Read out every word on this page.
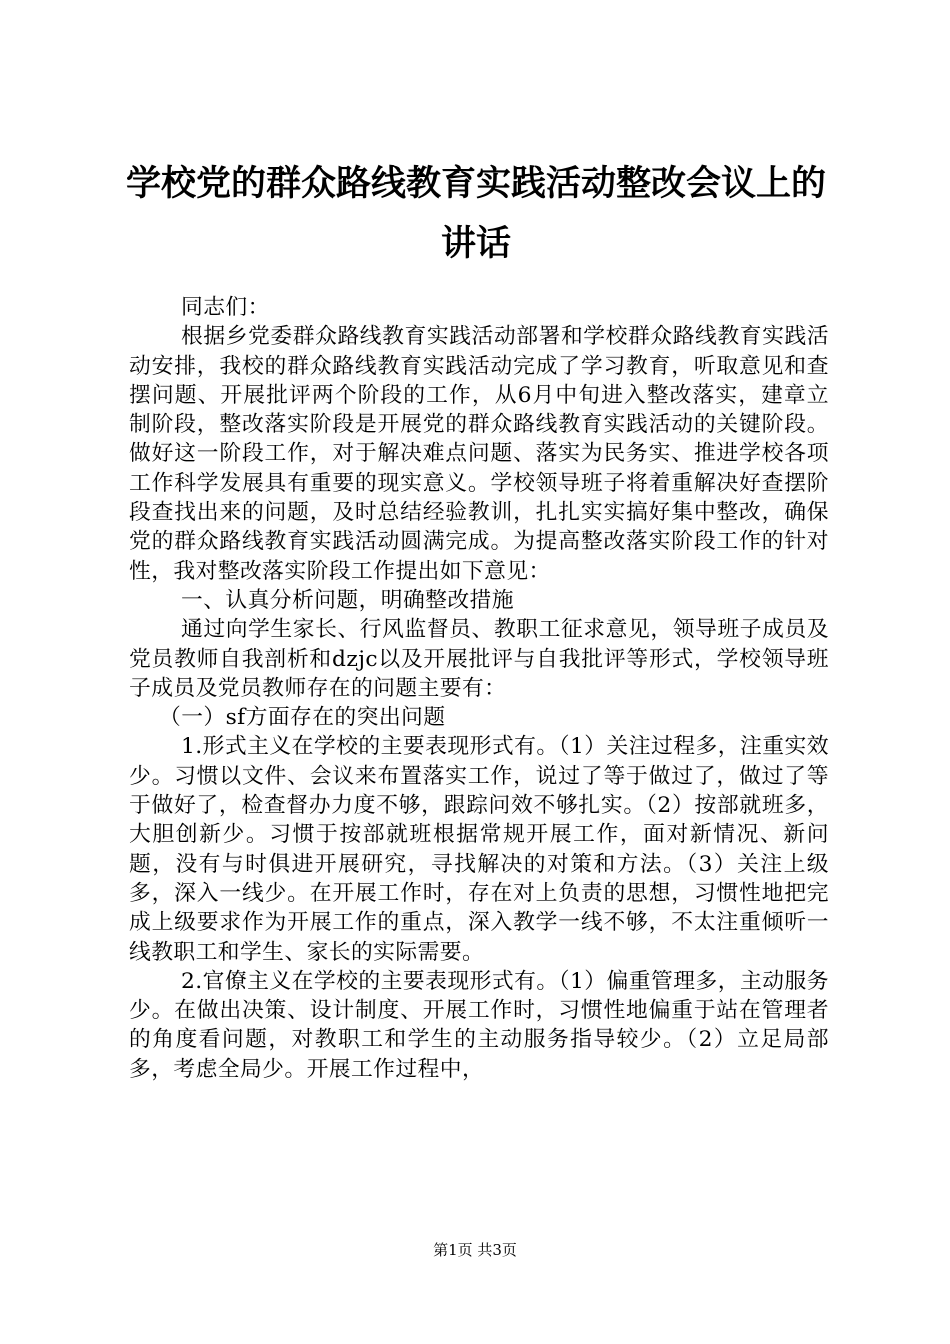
学校党的群众路线教育实践活动整改会议上的
讲话

同志们：

根据乡党委群众路线教育实践活动部署和学校群众路线教育实践活动安排，我校的群众路线教育实践活动完成了学习教育，听取意见和查摆问题、开展批评两个阶段的工作，从6月中旬进入整改落实，建章立制阶段，整改落实阶段是开展党的群众路线教育实践活动的关键阶段。做好这一阶段工作，对于解决难点问题、落实为民务实、推进学校各项工作科学发展具有重要的现实意义。学校领导班子将着重解决好查摆阶段查找出来的问题，及时总结经验教训，扎扎实实搞好集中整改，确保党的群众路线教育实践活动圆满完成。为提高整改落实阶段工作的针对性，我对整改落实阶段工作提出如下意见：

一、认真分析问题，明确整改措施

通过向学生家长、行风监督员、教职工征求意见，领导班子成员及党员教师自我剖析和dzjc以及开展批评与自我批评等形式，学校领导班子成员及党员教师存在的问题主要有：

（一）sf方面存在的突出问题

1.形式主义在学校的主要表现形式有。（1）关注过程多，注重实效少。习惯以文件、会议来布置落实工作，说过了等于做过了，做过了等于做好了，检查督办力度不够，跟踪问效不够扎实。（2）按部就班多，大胆创新少。习惯于按部就班根据常规开展工作，面对新情况、新问题，没有与时俱进开展研究，寻找解决的对策和方法。（3）关注上级多，深入一线少。在开展工作时，存在对上负责的思想，习惯性地把完成上级要求作为开展工作的重点，深入教学一线不够，不太注重倾听一线教职工和学生、家长的实际需要。

2.官僚主义在学校的主要表现形式有。（1）偏重管理多，主动服务少。在做出决策、设计制度、开展工作时，习惯性地偏重于站在管理者的角度看问题，对教职工和学生的主动服务指导较少。（2）立足局部多，考虑全局少。开展工作过程中，

第1页 共3页
